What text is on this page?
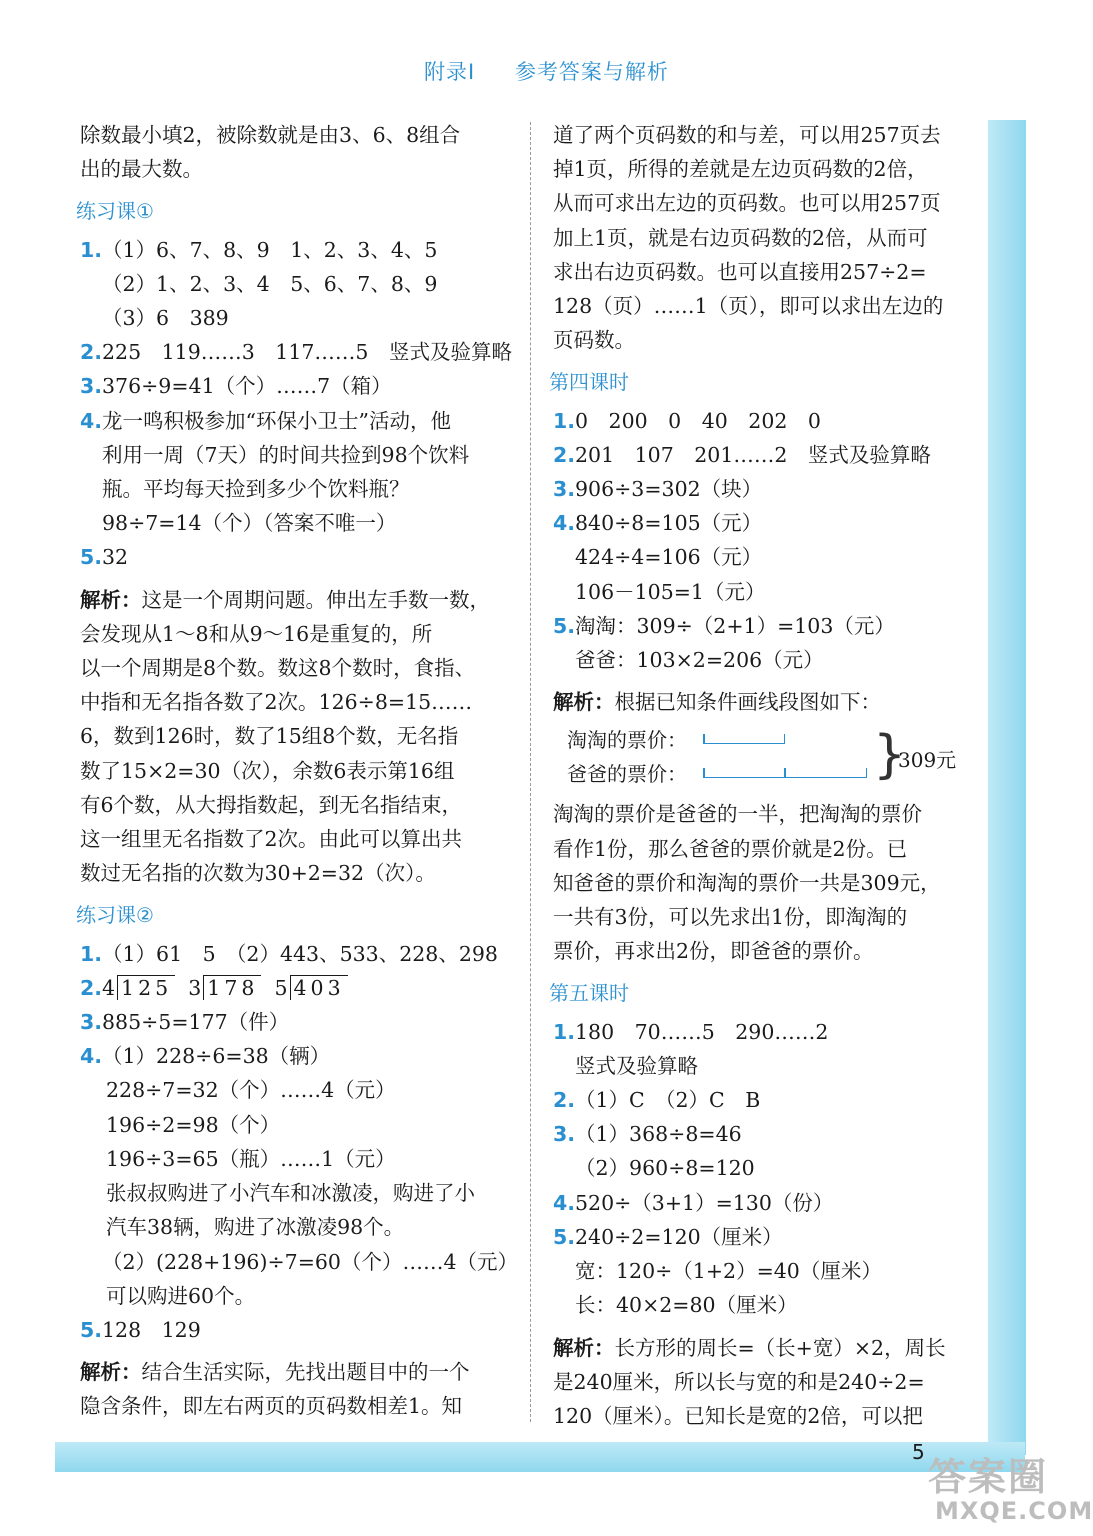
附录Ⅰ 参考答案与解析
除数最小填2，被除数就是由3、6、8组合
出的最大数。
练习课①
1.（1）6、7、8、9　1、2、3、4、5
（2）1、2、3、4　5、6、7、8、9
（3）6　389
2.225　119……3　117……5　竖式及验算略
3.376÷9=41（个）……7（箱）
4.龙一鸣积极参加“环保小卫士”活动，他
利用一周（7天）的时间共捡到98个饮料
瓶。平均每天捡到多少个饮料瓶？
98÷7=14（个）（答案不唯一）
5.32
解析：这是一个周期问题。伸出左手数一数，
会发现从1～8和从9～16是重复的，所
以一个周期是8个数。数这8个数时，食指、
中指和无名指各数了2次。126÷8=15……
6，数到126时，数了15组8个数，无名指
数了15×2=30（次），余数6表示第16组
有6个数，从大拇指数起，到无名指结束，
这一组里无名指数了2次。由此可以算出共
数过无名指的次数为30+2=32（次）。
练习课②
1.（1）61　5　（2）443、533、228、298
2.4 125 3 178 5 403
3.885÷5=177（件）
4.（1）228÷6=38（辆）
228÷7=32（个）……4（元）
196÷2=98（个）
196÷3=65（瓶）……1（元）
张叔叔购进了小汽车和冰激凌，购进了小
汽车38辆，购进了冰激凌98个。
（2）(228+196)÷7=60（个）……4（元）
可以购进60个。
5.128　129
解析：结合生活实际，先找出题目中的一个
隐含条件，即左右两页的页码数相差1。知
道了两个页码数的和与差，可以用257页去
掉1页，所得的差就是左边页码数的2倍，
从而可求出左边的页码数。也可以用257页
加上1页，就是右边页码数的2倍，从而可
求出右边页码数。也可以直接用257÷2=
128（页）……1（页），即可以求出左边的
页码数。
第四课时
1.0　200　0　40　202　0
2.201　107　201……2　竖式及验算略
3.906÷3=302（块）
4.840÷8=105（元）
424÷4=106（元）
106－105=1（元）
5.淘淘：309÷（2+1）=103（元）
爸爸：103×2=206（元）
解析：根据已知条件画线段图如下：
淘淘的票价：
爸爸的票价：	}
309元
淘淘的票价是爸爸的一半，把淘淘的票价
看作1份，那么爸爸的票价就是2份。已
知爸爸的票价和淘淘的票价一共是309元，
一共有3份，可以先求出1份，即淘淘的
票价，再求出2份，即爸爸的票价。
第五课时
1.180　70……5　290……2
竖式及验算略
2.（1）C　（2）C　B
3.（1）368÷8=46
（2）960÷8=120
4.520÷（3+1）=130（份）
5.240÷2=120（厘米）
宽：120÷（1+2）=40（厘米）
长：40×2=80（厘米）
解析：长方形的周长=（长+宽）×2，周长
是240厘米，所以长与宽的和是240÷2=
120（厘米）。已知长是宽的2倍，可以把
5
答案圈
MXQE.COM
